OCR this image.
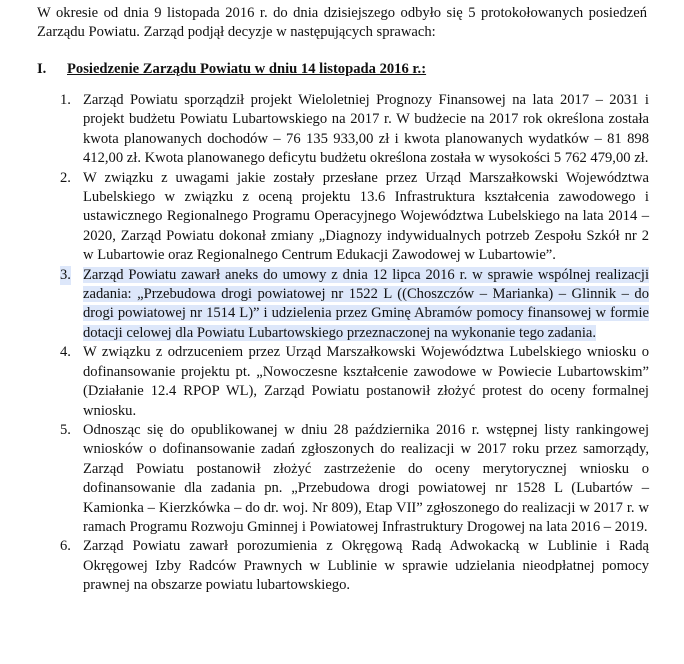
W okresie od dnia 9 listopada 2016 r. do dnia dzisiejszego odbyło się 5 protokołowanych posiedzeń Zarządu Powiatu. Zarząd podjął decyzje w następujących sprawach:

I. Posiedzenie Zarządu Powiatu w dniu 14 listopada 2016 r.:
1. Zarząd Powiatu sporządził projekt Wieloletniej Prognozy Finansowej na lata 2017 – 2031 i projekt budżetu Powiatu Lubartowskiego na 2017 r. W budżecie na 2017 rok określona została kwota planowanych dochodów – 76 135 933,00 zł i kwota planowanych wydatków – 81 898 412,00 zł. Kwota planowanego deficytu budżetu określona została w wysokości 5 762 479,00 zł.
2. W związku z uwagami jakie zostały przesłane przez Urząd Marszałkowski Województwa Lubelskiego w związku z oceną projektu 13.6 Infrastruktura kształcenia zawodowego i ustawicznego Regionalnego Programu Operacyjnego Województwa Lubelskiego na lata 2014 – 2020, Zarząd Powiatu dokonał zmiany „Diagnozy indywidualnych potrzeb Zespołu Szkół nr 2 w Lubartowie oraz Regionalnego Centrum Edukacji Zawodowej w Lubartowie”.
3. Zarząd Powiatu zawarł aneks do umowy z dnia 12 lipca 2016 r. w sprawie wspólnej realizacji zadania: „Przebudowa drogi powiatowej nr 1522 L ((Choszczów – Marianka) – Glinnik – do drogi powiatowej nr 1514 L)” i udzielenia przez Gminę Abramów pomocy finansowej w formie dotacji celowej dla Powiatu Lubartowskiego przeznaczonej na wykonanie tego zadania.
4. W związku z odrzuceniem przez Urząd Marszałkowski Województwa Lubelskiego wniosku o dofinansowanie projektu pt. „Nowoczesne kształcenie zawodowe w Powiecie Lubartowskim” (Działanie 12.4 RPOP WL), Zarząd Powiatu postanowił złożyć protest do oceny formalnej wniosku.
5. Odnosząc się do opublikowanej w dniu 28 października 2016 r. wstępnej listy rankingowej wniosków o dofinansowanie zadań zgłoszonych do realizacji w 2017 roku przez samorządy, Zarząd Powiatu postanowił złożyć zastrzeżenie do oceny merytorycznej wniosku o dofinansowanie dla zadania pn. „Przebudowa drogi powiatowej nr 1528 L (Lubartów – Kamionka – Kierzkówka – do dr. woj. Nr 809), Etap VII” zgłoszonego do realizacji w 2017 r. w ramach Programu Rozwoju Gminnej i Powiatowej Infrastruktury Drogowej na lata 2016 – 2019.
6. Zarząd Powiatu zawarł porozumienia z Okręgową Radą Adwokacką w Lublinie i Radą Okręgowej Izby Radców Prawnych w Lublinie w sprawie udzielania nieodpłatnej pomocy prawnej na obszarze powiatu lubartowskiego.
